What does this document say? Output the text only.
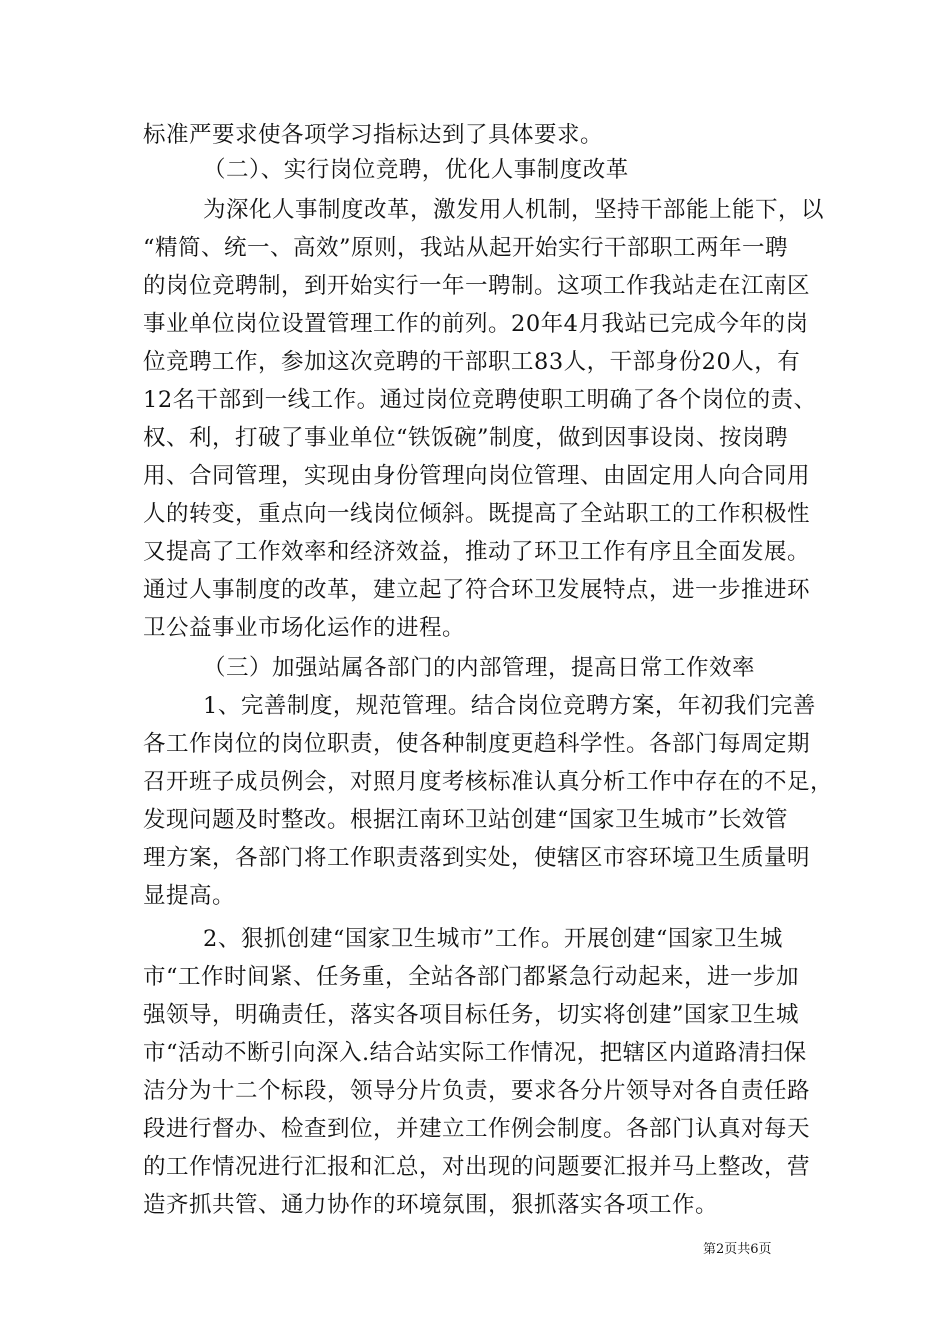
标准严要求使各项学习指标达到了具体要求。
（二）、实行岗位竞聘，优化人事制度改革
为深化人事制度改革，激发用人机制，坚持干部能上能下，以
“精简、统一、高效”原则，我站从起开始实行干部职工两年一聘
的岗位竞聘制，到开始实行一年一聘制。这项工作我站走在江南区
事业单位岗位设置管理工作的前列。20年4月我站已完成今年的岗
位竞聘工作，参加这次竞聘的干部职工83人，干部身份20人，有
12名干部到一线工作。通过岗位竞聘使职工明确了各个岗位的责、
权、利，打破了事业单位“铁饭碗”制度，做到因事设岗、按岗聘
用、合同管理，实现由身份管理向岗位管理、由固定用人向合同用
人的转变，重点向一线岗位倾斜。既提高了全站职工的工作积极性
又提高了工作效率和经济效益，推动了环卫工作有序且全面发展。
通过人事制度的改革，建立起了符合环卫发展特点，进一步推进环
卫公益事业市场化运作的进程。
（三）加强站属各部门的内部管理，提高日常工作效率
1、完善制度，规范管理。结合岗位竞聘方案，年初我们完善
各工作岗位的岗位职责，使各种制度更趋科学性。各部门每周定期
召开班子成员例会，对照月度考核标准认真分析工作中存在的不足，
发现问题及时整改。根据江南环卫站创建“国家卫生城市”长效管
理方案，各部门将工作职责落到实处，使辖区市容环境卫生质量明
显提高。
2、狠抓创建“国家卫生城市”工作。开展创建“国家卫生城
市“工作时间紧、任务重，全站各部门都紧急行动起来，进一步加
强领导，明确责任，落实各项目标任务，切实将创建”国家卫生城
市“活动不断引向深入.结合站实际工作情况，把辖区内道路清扫保
洁分为十二个标段，领导分片负责，要求各分片领导对各自责任路
段进行督办、检查到位，并建立工作例会制度。各部门认真对每天
的工作情况进行汇报和汇总，对出现的问题要汇报并马上整改，营
造齐抓共管、通力协作的环境氛围，狠抓落实各项工作。
第2页共6页
